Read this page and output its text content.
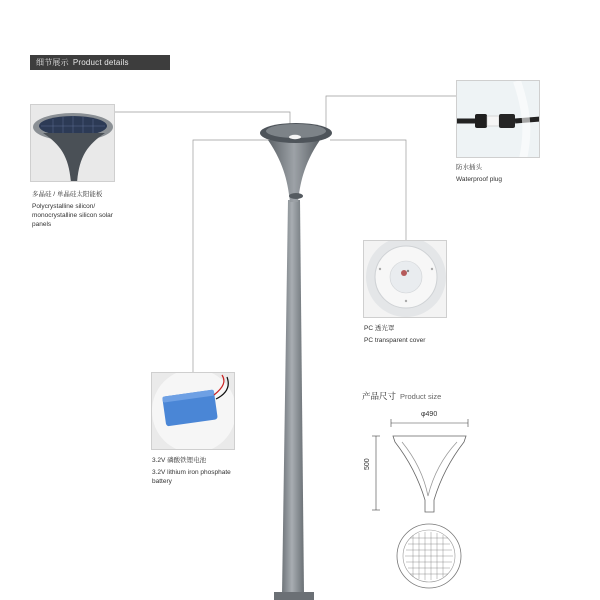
细节展示 Product details
多晶硅 / 单晶硅太阳能板
Polycrystalline silicon/ monocrystalline silicon solar panels
防水插头
Waterproof plug
PC 透光罩
PC transparent cover
3.2V 磷酸铁锂电池
3.2V lithium iron phosphate battery
产品尺寸 Product size
φ490
500
